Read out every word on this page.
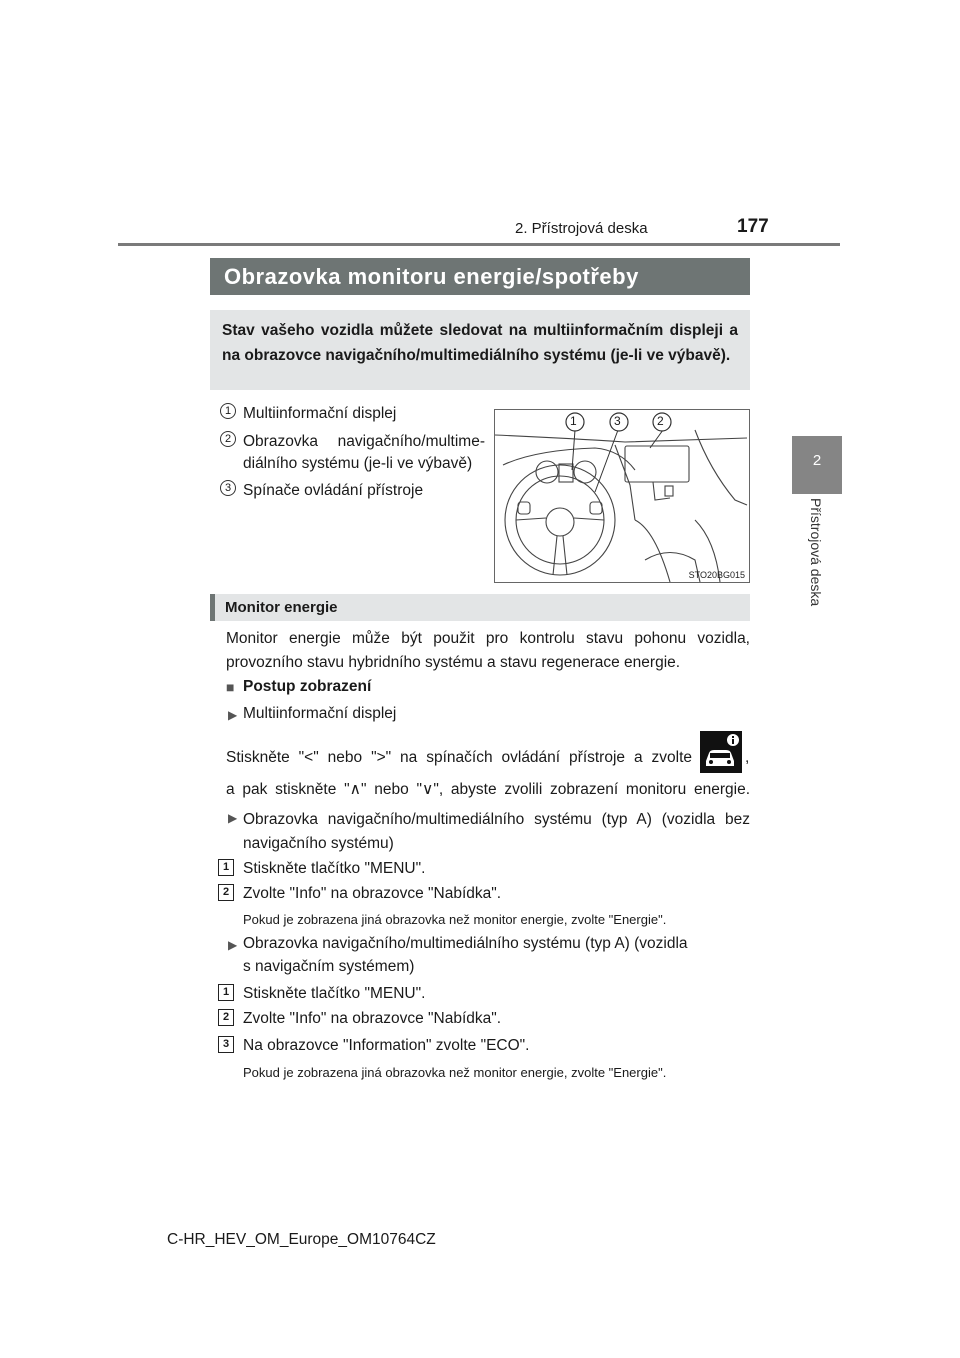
2. Přístrojová deska	177
2
Přístrojová deska
Obrazovka monitoru energie/spotřeby
Stav vašeho vozidla můžete sledovat na multiinformačním displeji a na obrazovce navigačního/multimediálního systému (je-li ve výbavě).
1 Multiinformační displej
2 Obrazovka navigačního/multime-
diálního systému (je-li ve výbavě)
3 Spínače ovládání přístroje
1	3	2
STO20BG015
Monitor energie
Monitor energie může být použit pro kontrolu stavu pohonu vozidla, provozního stavu hybridního systému a stavu regenerace energie.
■ Postup zobrazení
▶ Multiinformační displej
Stiskněte "<" nebo ">" na spínačích ovládání přístroje a zvolte	,
a pak stiskněte "∧" nebo "∨", abyste zvolili zobrazení monitoru energie.
▶ Obrazovka navigačního/multimediálního systému (typ A) (vozidla bez navigačního systému)
1 Stiskněte tlačítko "MENU".
2 Zvolte "Info" na obrazovce "Nabídka".
Pokud je zobrazena jiná obrazovka než monitor energie, zvolte "Energie".
▶ Obrazovka navigačního/multimediálního systému (typ A) (vozidla
s navigačním systémem)
1 Stiskněte tlačítko "MENU".
2 Zvolte "Info" na obrazovce "Nabídka".
3 Na obrazovce "Information" zvolte "ECO".
Pokud je zobrazena jiná obrazovka než monitor energie, zvolte "Energie".
C-HR_HEV_OM_Europe_OM10764CZ
